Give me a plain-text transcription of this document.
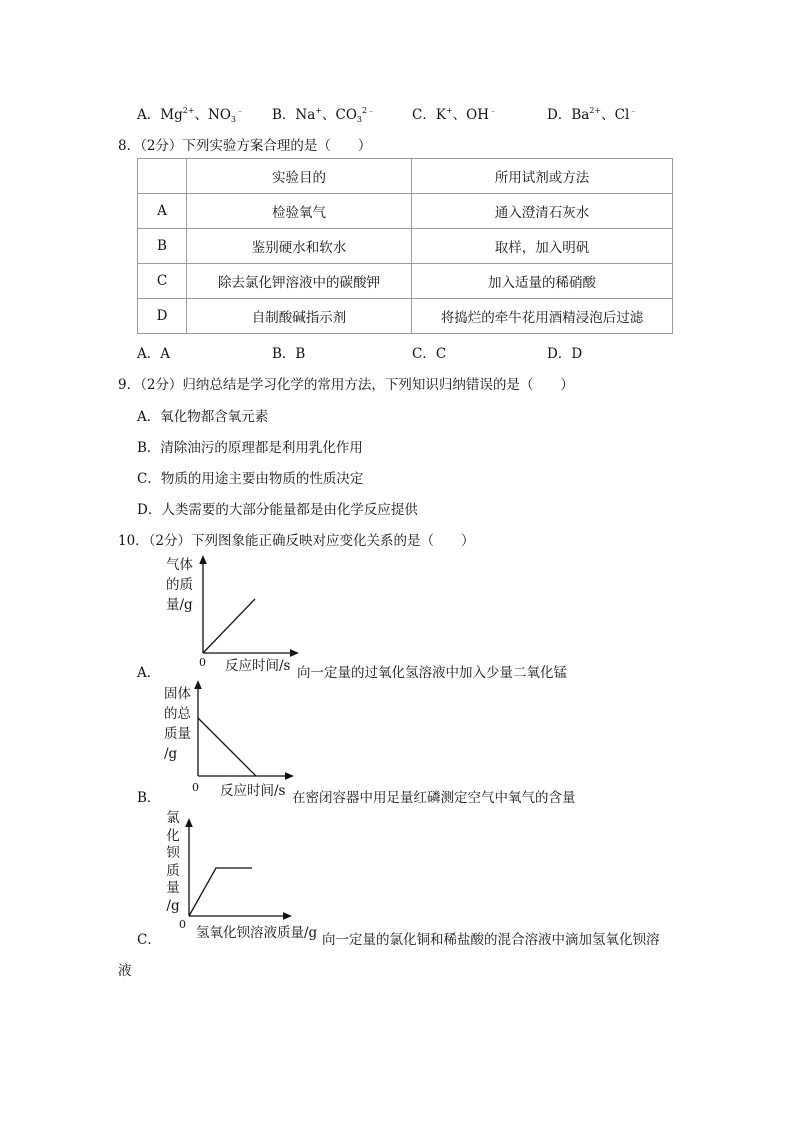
A．$Mg^{2+}$、$NO_3^﹣$ B．Na+、$CO_3^{2﹣}$	C．K+、OH﹣	D．$Ba^{2+}$、Cl﹣
8．（2分）下列实验方案合理的是（　　）
	实验目的	所用试剂或方法
A	检验氧气	通入澄清石灰水
B	鉴别硬水和软水	取样，加入明矾
C	除去氯化钾溶液中的碳酸钾	加入适量的稀硝酸
D	自制酸碱指示剂	将捣烂的牵牛花用酒精浸泡后过滤
A．A	B．B	C．C	D．D
9．（2分）归纳总结是学习化学的常用方法，下列知识归纳错误的是（　　）
A．氧化物都含氧元素
B．清除油污的原理都是利用乳化作用
C．物质的用途主要由物质的性质决定
D．人类需要的大部分能量都是由化学反应提供
10．（2分）下列图象能正确反映对应变化关系的是（　　）
A．
气体
的质
量/g
0 反应时间/s 向一定量的过氧化氢溶液中加入少量二氧化锰
B．
固体
的总
质量
/g
0 反应时间/s 在密闭容器中用足量红磷测定空气中氧气的含量
C．
氯
化
钡
质
量
/g
0
氢氧化钡溶液质量/g 向一定量的氯化铜和稀盐酸的混合溶液中滴加氢氧化钡溶
液
